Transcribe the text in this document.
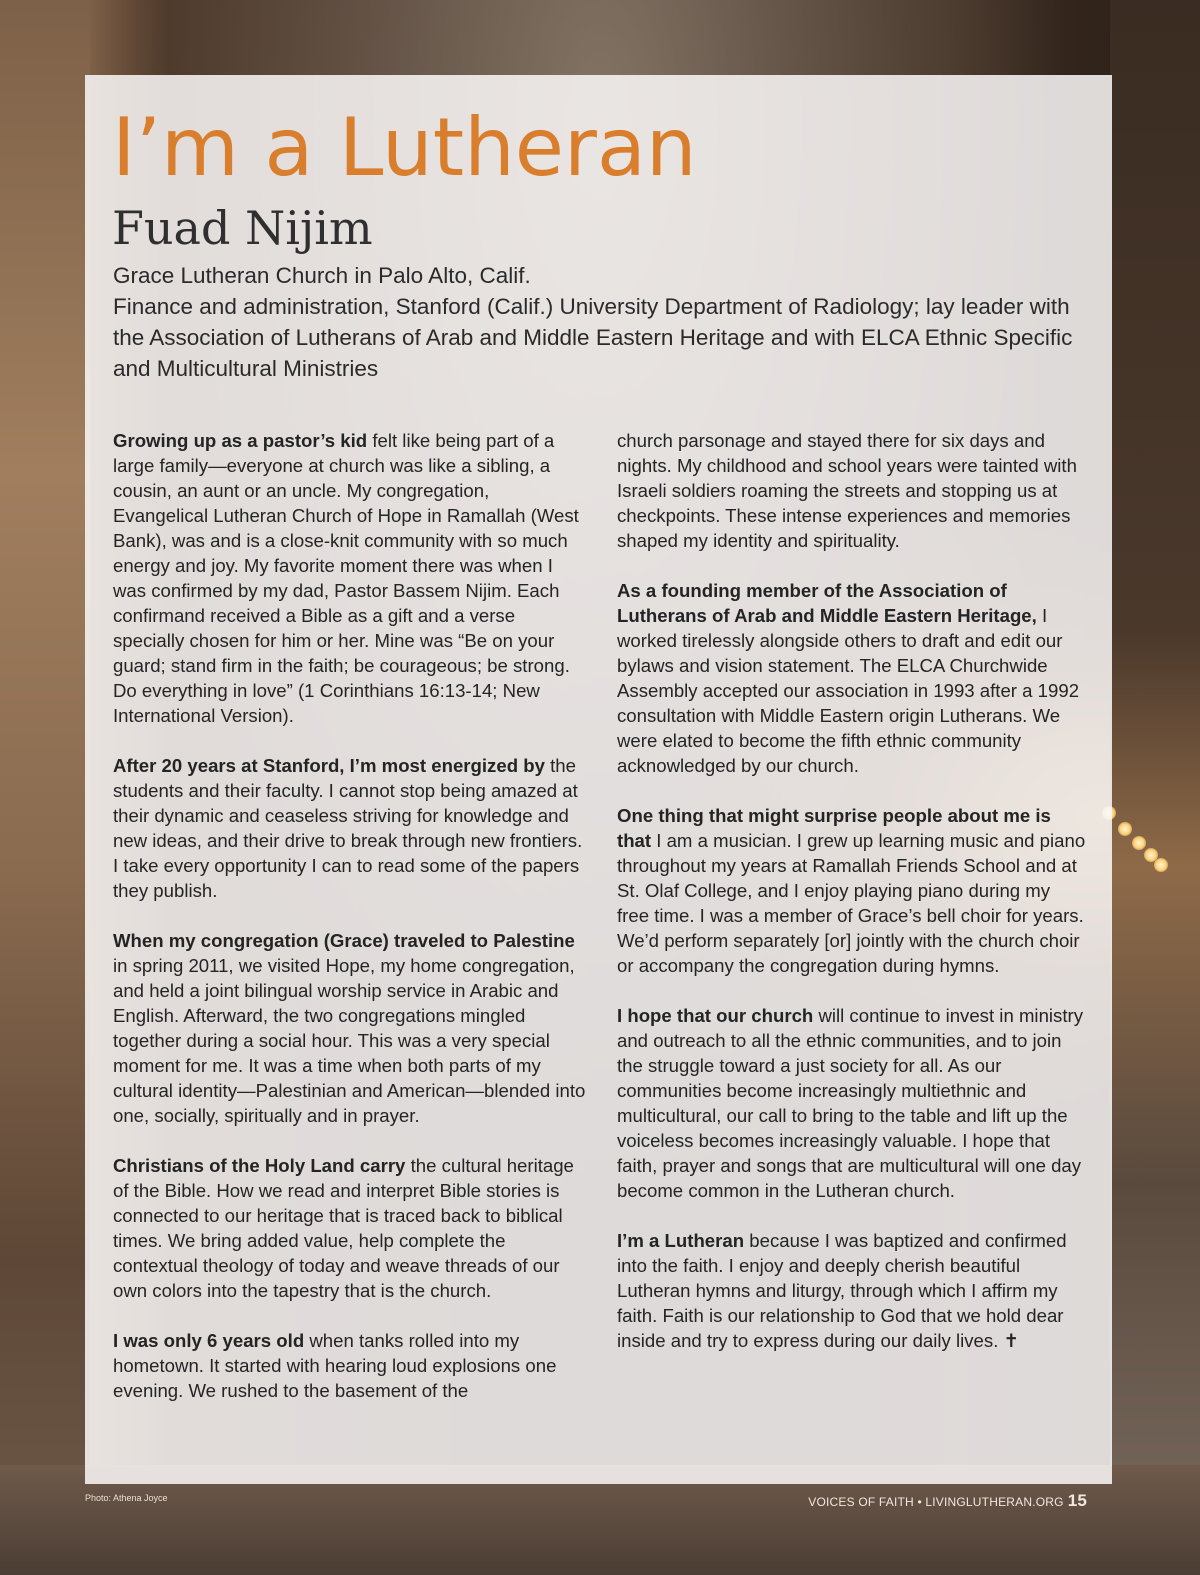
I’m a Lutheran
Fuad Nijim

Grace Lutheran Church in Palo Alto, Calif.

Finance and administration, Stanford (Calif.) University Department of Radiology; lay leader with the Association of Lutherans of Arab and Middle Eastern Heritage and with ELCA Ethnic Specific and Multicultural Ministries

Growing up as a pastor’s kid felt like being part of a large family—everyone at church was like a sibling, a cousin, an aunt or an uncle. My congregation, Evangelical Lutheran Church of Hope in Ramallah (West Bank), was and is a close-knit community with so much energy and joy. My favorite moment there was when I was confirmed by my dad, Pastor Bassem Nijim. Each confirmand received a Bible as a gift and a verse specially chosen for him or her. Mine was “Be on your guard; stand firm in the faith; be courageous; be strong. Do everything in love” (1 Corinthians 16:13-14; New International Version).

After 20 years at Stanford, I’m most energized by the students and their faculty. I cannot stop being amazed at their dynamic and ceaseless striving for knowledge and new ideas, and their drive to break through new frontiers. I take every opportunity I can to read some of the papers they publish.

When my congregation (Grace) traveled to Palestine in spring 2011, we visited Hope, my home congregation, and held a joint bilingual worship service in Arabic and English. Afterward, the two congregations mingled together during a social hour. This was a very special moment for me. It was a time when both parts of my cultural identity—Palestinian and American—blended into one, socially, spiritually and in prayer.

Christians of the Holy Land carry the cultural heritage of the Bible. How we read and interpret Bible stories is connected to our heritage that is traced back to biblical times. We bring added value, help complete the contextual theology of today and weave threads of our own colors into the tapestry that is the church.

I was only 6 years old when tanks rolled into my hometown. It started with hearing loud explosions one evening. We rushed to the basement of the

church parsonage and stayed there for six days and nights. My childhood and school years were tainted with Israeli soldiers roaming the streets and stopping us at checkpoints. These intense experiences and memories shaped my identity and spirituality.

As a founding member of the Association of Lutherans of Arab and Middle Eastern Heritage, I worked tirelessly alongside others to draft and edit our bylaws and vision statement. The ELCA Churchwide Assembly accepted our association in 1993 after a 1992 consultation with Middle Eastern origin Lutherans. We were elated to become the fifth ethnic community acknowledged by our church.

One thing that might surprise people about me is that I am a musician. I grew up learning music and piano throughout my years at Ramallah Friends School and at St. Olaf College, and I enjoy playing piano during my free time. I was a member of Grace’s bell choir for years. We’d perform separately [or] jointly with the church choir or accompany the congregation during hymns.

I hope that our church will continue to invest in ministry and outreach to all the ethnic communities, and to join the struggle toward a just society for all. As our communities become increasingly multiethnic and multicultural, our call to bring to the table and lift up the voiceless becomes increasingly valuable. I hope that faith, prayer and songs that are multicultural will one day become common in the Lutheran church.

I’m a Lutheran because I was baptized and confirmed into the faith. I enjoy and deeply cherish beautiful Lutheran hymns and liturgy, through which I affirm my faith. Faith is our relationship to God that we hold dear inside and try to express during our daily lives. ✝

Photo: Athena Joyce	VOICES OF FAITH • LIVINGLUTHERAN.ORG 15
